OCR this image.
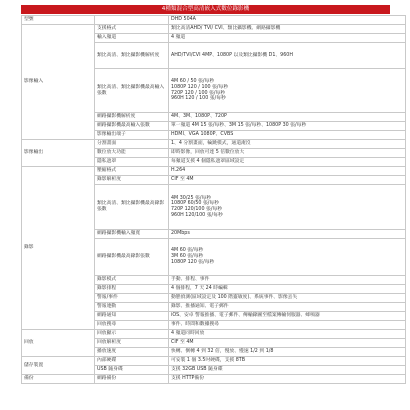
4種類混合型高清嵌入式數位錄影機
型號		DHD 504A
影像輸入	支援格式	類比高清AHD/ TVI/ CVI、類比攝影機、網路攝影機

	輸入頻道	4 頻道

	類比高清、類比攝影機解析度	AHD/TVI/CVI 4MP、1080P 以及類比攝影機 D1、960H

	類比高清、類比攝影機最高輸入張數	4M 60 / 50 張/每秒
1080P 120 / 100 張/每秒
720P 120 / 100 張/每秒
960H 120 / 100 張/每秒

	網路攝影機解析度	4M、3M、1080P、720P

	網路攝影機最高輸入張數	單一頻道 4M 15 張/每秒、3M 15 張/每秒、1080P 30 張/每秒

	影像輸出端子	HDMI、VGA 1080P、CVBS

影像輸出	分割畫面	1、4 分割畫面，輪跳模式，通道淹沒

	數位放大功能	即時影像，回放可達 5 倍數位放大

	隱私遮罩	每頻道支援 4 個隱私遮罩區域設定

錄影	壓縮格式	H.264

	錄影解析度	CIF 至 4M

	類比高清、類比攝影機最高錄影張數	4M 30/25 張/每秒
1080P 60/50 張/每秒
720P 120/100 張/每秒
960H 120/100 張/每秒

	網路攝影機輸入頻寬	20Mbps

	網路攝影機最高錄影張數	4M 60 張/每秒
3M 60 張/每秒
1080P 120 張/每秒

	錄影模式	手動、排程、事件

	錄影排程	4 個排程，7 天 24 時編輯

	警報/事件	動態偵測(區域設定及 100 階靈敏度)、系統事件、影像丟失

	警報連動	錄影、推播通知、電子郵件

	網路通知	iOS、安卓 警報推播、電子郵件、傳輸錄圖至檔案傳輸伺服器、蜂鳴器

	回放搜尋	事件、時間和數據搜尋

回放	回放顯示	4 頻道同時回放

	回放解析度	CIF 至 4M

	播放速度	快轉、倒轉 4 到 32 倍，慢放、慢速 1/2 到 1/8

儲存裝置	內部硬碟	可安裝 1 個 3.5吋硬碟，支援 8TB

	USB 隨身碟	支援 32GB USB 隨身碟

備份	網路備份	支援 HTTP備份
